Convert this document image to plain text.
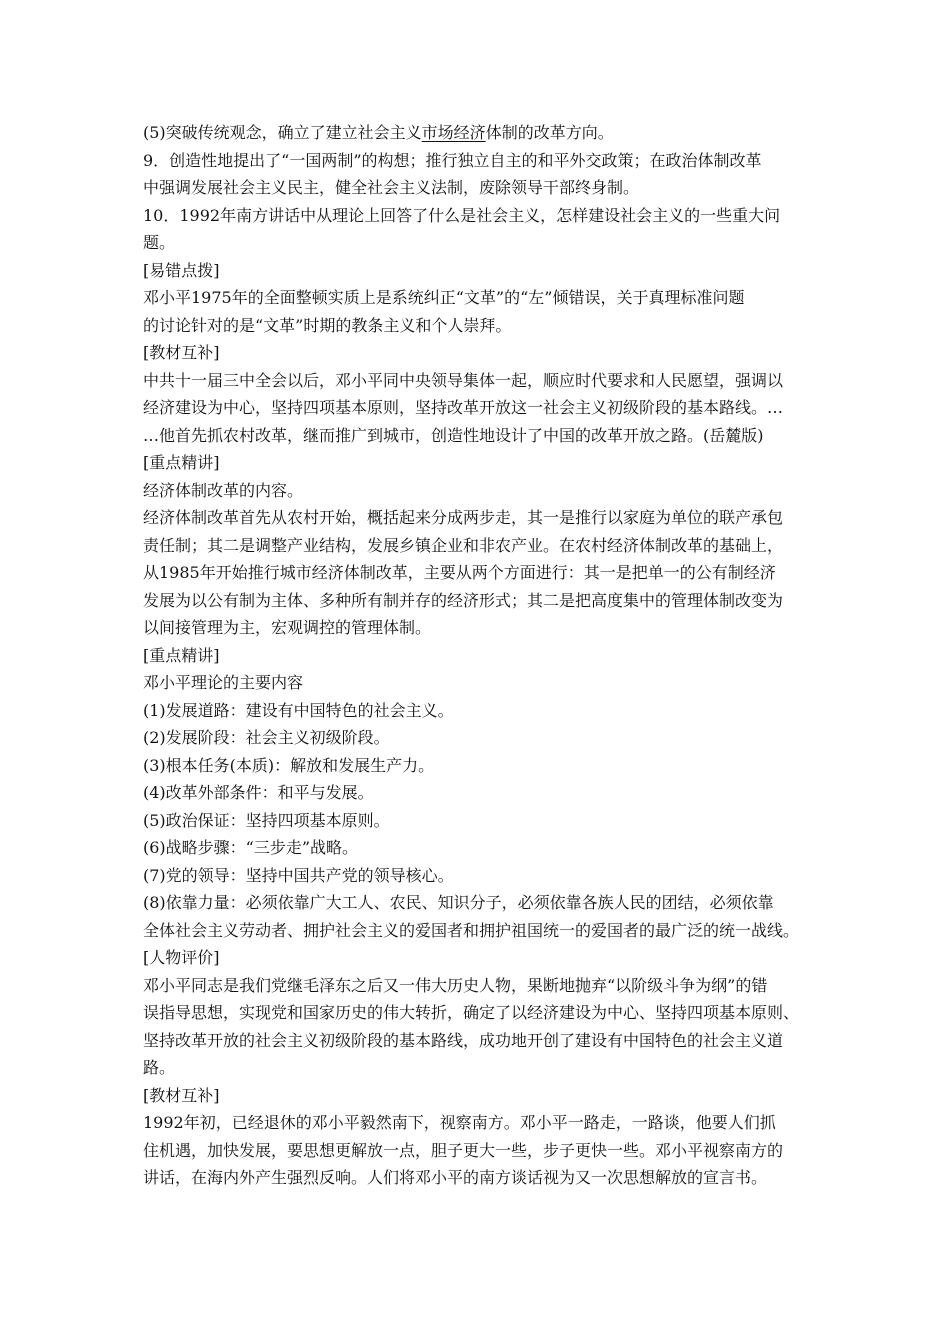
(5)突破传统观念，确立了建立社会主义市场经济体制的改革方向。

9．创造性地提出了“一国两制”的构想；推行独立自主的和平外交政策；在政治体制改革

中强调发展社会主义民主，健全社会主义法制，废除领导干部终身制。

10．1992年南方讲话中从理论上回答了什么是社会主义，怎样建设社会主义的一些重大问

题。

[易错点拨]

邓小平1975年的全面整顿实质上是系统纠正“文革”的“左”倾错误，关于真理标准问题

的讨论针对的是“文革”时期的教条主义和个人崇拜。

[教材互补]

中共十一届三中全会以后，邓小平同中央领导集体一起，顺应时代要求和人民愿望，强调以

经济建设为中心，坚持四项基本原则，坚持改革开放这一社会主义初级阶段的基本路线。…

…他首先抓农村改革，继而推广到城市，创造性地设计了中国的改革开放之路。(岳麓版)

[重点精讲]

经济体制改革的内容。

经济体制改革首先从农村开始，概括起来分成两步走，其一是推行以家庭为单位的联产承包

责任制；其二是调整产业结构，发展乡镇企业和非农产业。在农村经济体制改革的基础上，

从1985年开始推行城市经济体制改革，主要从两个方面进行：其一是把单一的公有制经济

发展为以公有制为主体、多种所有制并存的经济形式；其二是把高度集中的管理体制改变为

以间接管理为主，宏观调控的管理体制。

[重点精讲]

邓小平理论的主要内容

(1)发展道路：建设有中国特色的社会主义。

(2)发展阶段：社会主义初级阶段。

(3)根本任务(本质)：解放和发展生产力。

(4)改革外部条件：和平与发展。

(5)政治保证：坚持四项基本原则。

(6)战略步骤：“三步走”战略。

(7)党的领导：坚持中国共产党的领导核心。

(8)依靠力量：必须依靠广大工人、农民、知识分子，必须依靠各族人民的团结，必须依靠

全体社会主义劳动者、拥护社会主义的爱国者和拥护祖国统一的爱国者的最广泛的统一战线。

[人物评价]

邓小平同志是我们党继毛泽东之后又一伟大历史人物，果断地抛弃“以阶级斗争为纲”的错

误指导思想，实现党和国家历史的伟大转折，确定了以经济建设为中心、坚持四项基本原则、

坚持改革开放的社会主义初级阶段的基本路线，成功地开创了建设有中国特色的社会主义道

路。

[教材互补]

1992年初，已经退休的邓小平毅然南下，视察南方。邓小平一路走，一路谈，他要人们抓

住机遇，加快发展，要思想更解放一点，胆子更大一些，步子更快一些。邓小平视察南方的

讲话，在海内外产生强烈反响。人们将邓小平的南方谈话视为又一次思想解放的宣言书。
